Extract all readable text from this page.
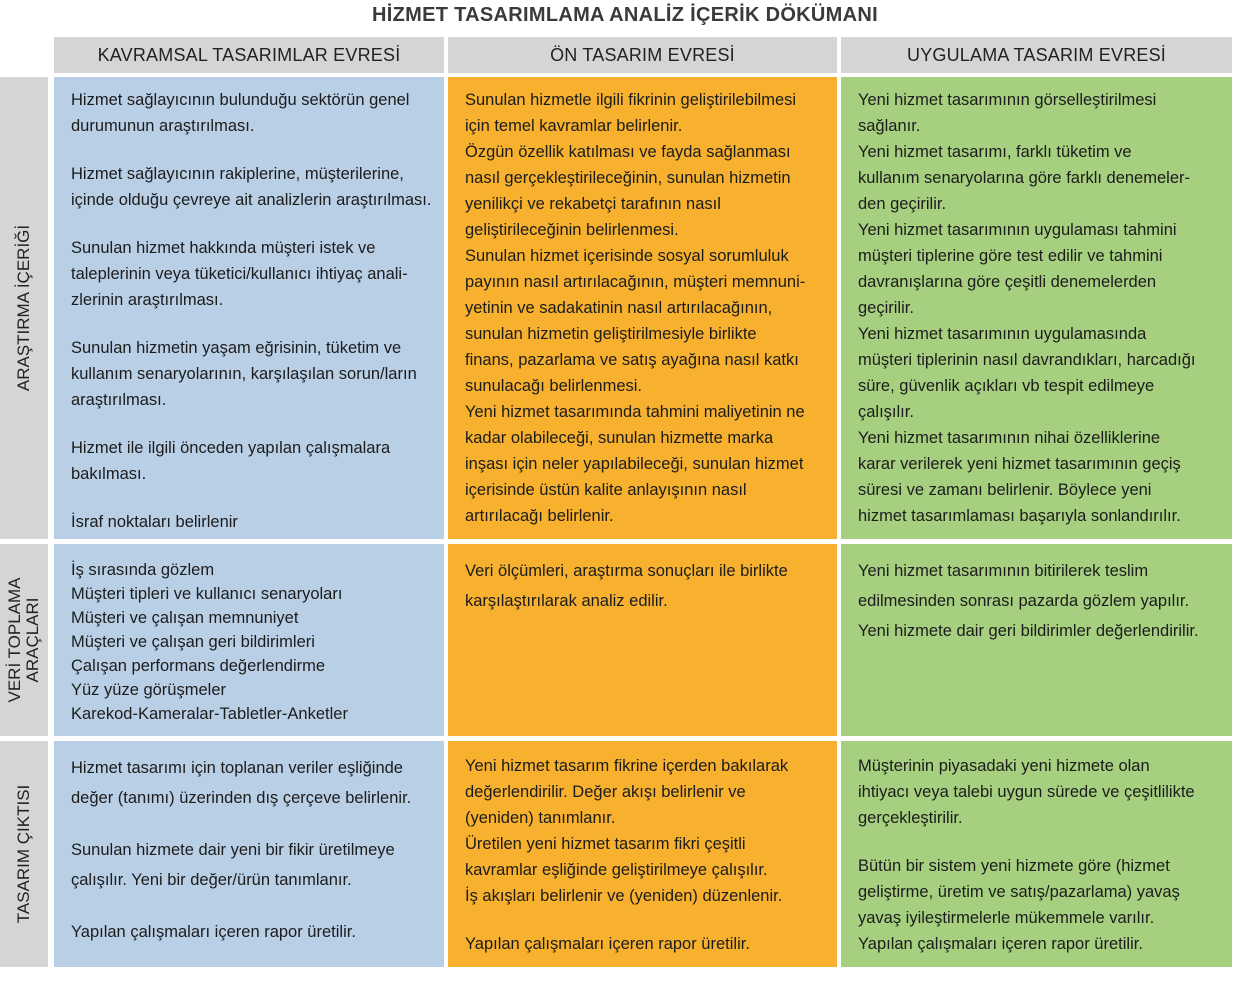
HİZMET TASARIMLAMA ANALİZ İÇERİK DÖKÜMANI
KAVRAMSAL TASARIMLAR EVRESİ	ÖN TASARIM EVRESİ	UYGULAMA TASARIM EVRESİ
ARAŞTIRMA İÇERİĞİ

Hizmet sağlayıcının bulunduğu sektörün genel
durumunun araştırılması.

Hizmet sağlayıcının rakiplerine, müşterilerine,
içinde olduğu çevreye ait analizlerin araştırılması.

Sunulan hizmet hakkında müşteri istek ve
taleplerinin veya tüketici/kullanıcı ihtiyaç anali-
zlerinin araştırılması.

Sunulan hizmetin yaşam eğrisinin, tüketim ve
kullanım senaryolarının, karşılaşılan sorun/ların
araştırılması.

Hizmet ile ilgili önceden yapılan çalışmalara
bakılması.

İsraf noktaları belirlenir

Sunulan hizmetle ilgili fikrinin geliştirilebilmesi
için temel kavramlar belirlenir.
Özgün özellik katılması ve fayda sağlanması
nasıl gerçekleştirileceğinin, sunulan hizmetin
yenilikçi ve rekabetçi tarafının nasıl
geliştirileceğinin belirlenmesi.
Sunulan hizmet içerisinde sosyal sorumluluk
payının nasıl artırılacağının, müşteri memnuni-
yetinin ve sadakatinin nasıl artırılacağının,
sunulan hizmetin geliştirilmesiyle birlikte
finans, pazarlama ve satış ayağına nasıl katkı
sunulacağı belirlenmesi.
Yeni hizmet tasarımında tahmini maliyetinin ne
kadar olabileceği, sunulan hizmette marka
inşası için neler yapılabileceği, sunulan hizmet
içerisinde üstün kalite anlayışının nasıl
artırılacağı belirlenir.

Yeni hizmet tasarımının görselleştirilmesi
sağlanır.
Yeni hizmet tasarımı, farklı tüketim ve
kullanım senaryolarına göre farklı denemeler-
den geçirilir.
Yeni hizmet tasarımının uygulaması tahmini
müşteri tiplerine göre test edilir ve tahmini
davranışlarına göre çeşitli denemelerden
geçirilir.
Yeni hizmet tasarımının uygulamasında
müşteri tiplerinin nasıl davrandıkları, harcadığı
süre, güvenlik açıkları vb tespit edilmeye
çalışılır.
Yeni hizmet tasarımının nihai özelliklerine
karar verilerek yeni hizmet tasarımının geçiş
süresi ve zamanı belirlenir. Böylece yeni
hizmet tasarımlaması başarıyla sonlandırılır.

VERİ TOPLAMA ARAÇLARI

İş sırasında gözlem
Müşteri tipleri ve kullanıcı senaryoları
Müşteri ve çalışan memnuniyet
Müşteri ve çalışan geri bildirimleri
Çalışan performans değerlendirme
Yüz yüze görüşmeler
Karekod-Kameralar-Tabletler-Anketler

Veri ölçümleri, araştırma sonuçları ile birlikte
karşılaştırılarak analiz edilir.

Yeni hizmet tasarımının bitirilerek teslim
edilmesinden sonrası pazarda gözlem yapılır.
Yeni hizmete dair geri bildirimler değerlendirilir.

TASARIM ÇIKTISI

Hizmet tasarımı için toplanan veriler eşliğinde
değer (tanımı) üzerinden dış çerçeve belirlenir.

Sunulan hizmete dair yeni bir fikir üretilmeye
çalışılır. Yeni bir değer/ürün tanımlanır.

Yapılan çalışmaları içeren rapor üretilir.

Yeni hizmet tasarım fikrine içerden bakılarak
değerlendirilir. Değer akışı belirlenir ve
(yeniden) tanımlanır.
Üretilen yeni hizmet tasarım fikri çeşitli
kavramlar eşliğinde geliştirilmeye çalışılır.
İş akışları belirlenir ve (yeniden) düzenlenir.

Yapılan çalışmaları içeren rapor üretilir.

Müşterinin piyasadaki yeni hizmete olan
ihtiyacı veya talebi uygun sürede ve çeşitlilikte
gerçekleştirilir.

Bütün bir sistem yeni hizmete göre (hizmet
geliştirme, üretim ve satış/pazarlama) yavaş
yavaş iyileştirmelerle mükemmele varılır.
Yapılan çalışmaları içeren rapor üretilir.
